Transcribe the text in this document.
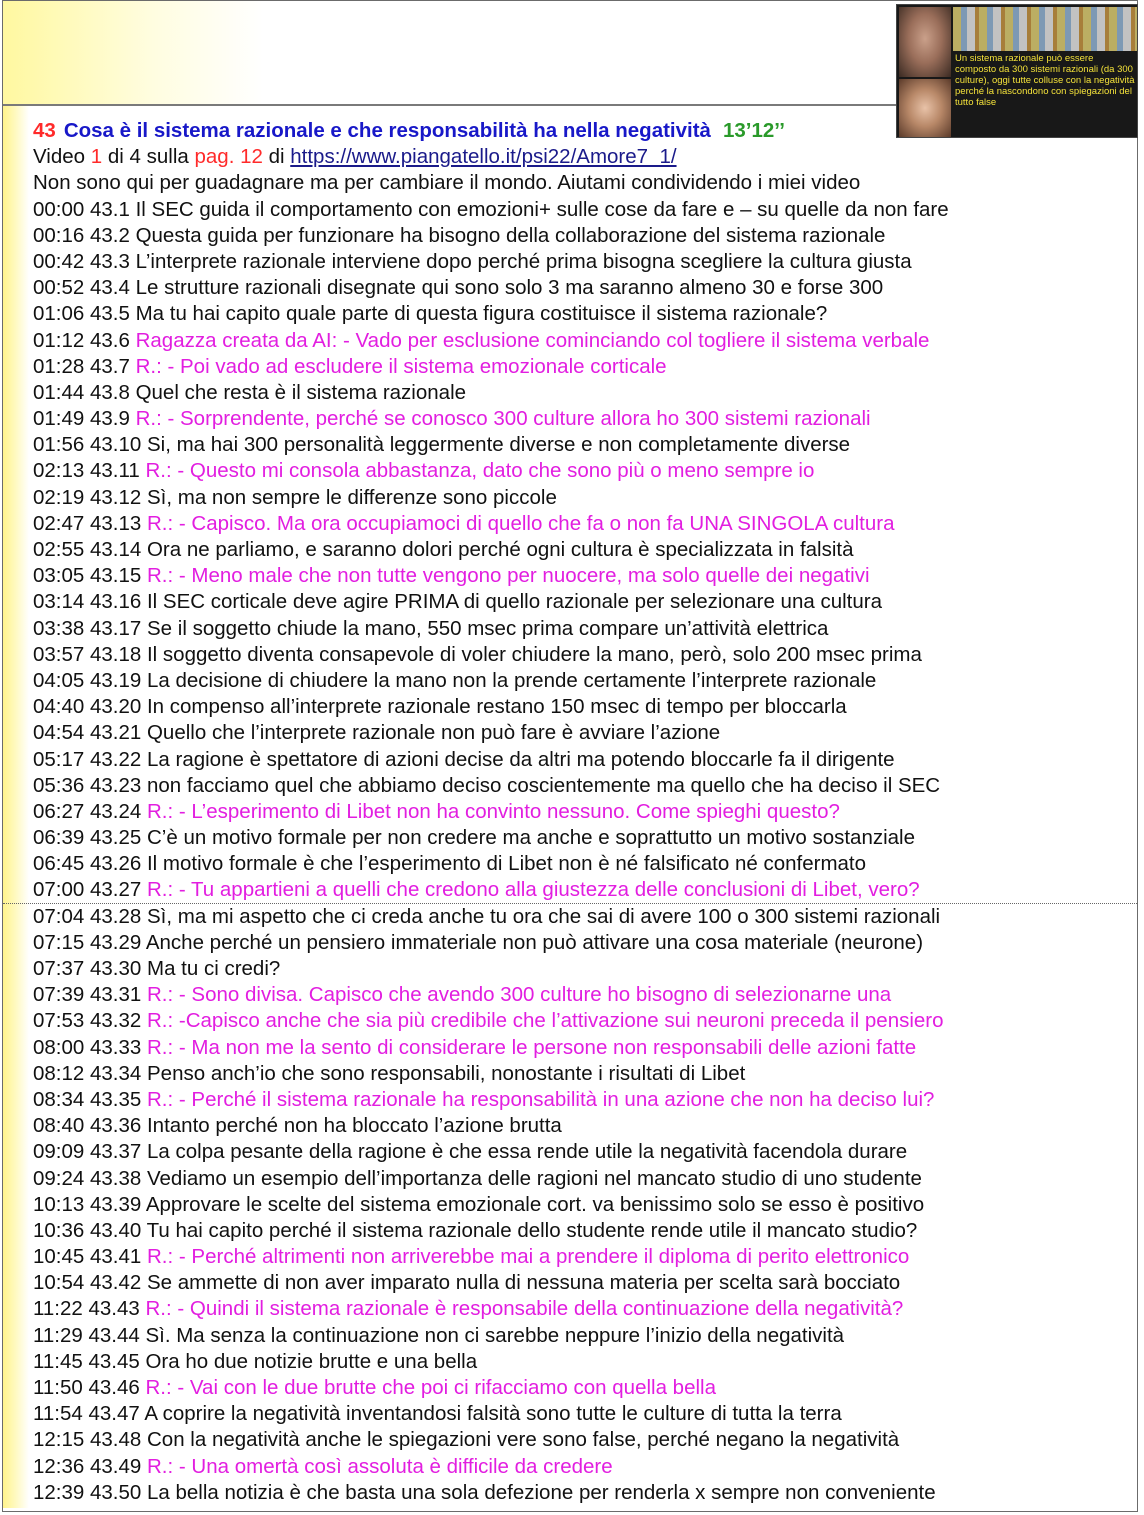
Un sistema razionale può essere composto da 300 sistemi razionali (da 300 culture), oggi tutte colluse con la negatività perché la nascondono con spiegazioni del tutto false

43 Cosa è il sistema razionale e che responsabilità ha nella negatività 13’12’’
Video 1 di 4 sulla pag. 12 di https://www.piangatello.it/psi22/Amore7_1/
Non sono qui per guadagnare ma per cambiare il mondo. Aiutami condividendo i miei video
00:00 43.1 Il SEC guida il comportamento con emozioni+ sulle cose da fare e – su quelle da non fare
00:16 43.2 Questa guida per funzionare ha bisogno della collaborazione del sistema razionale
00:42 43.3 L’interprete razionale interviene dopo perché prima bisogna scegliere la cultura giusta
00:52 43.4 Le strutture razionali disegnate qui sono solo 3 ma saranno almeno 30 e forse 300
01:06 43.5 Ma tu hai capito quale parte di questa figura costituisce il sistema razionale?
01:12 43.6 Ragazza creata da AI: - Vado per esclusione cominciando col togliere il sistema verbale
01:28 43.7 R.: - Poi vado ad escludere il sistema emozionale corticale
01:44 43.8 Quel che resta è il sistema razionale
01:49 43.9 R.: - Sorprendente, perché se conosco 300 culture allora ho 300 sistemi razionali
01:56 43.10 Si, ma hai 300 personalità leggermente diverse e non completamente diverse
02:13 43.11 R.: - Questo mi consola abbastanza, dato che sono più o meno sempre io
02:19 43.12 Sì, ma non sempre le differenze sono piccole
02:47 43.13 R.: - Capisco. Ma ora occupiamoci di quello che fa o non fa UNA SINGOLA cultura
02:55 43.14 Ora ne parliamo, e saranno dolori perché ogni cultura è specializzata in falsità
03:05 43.15 R.: - Meno male che non tutte vengono per nuocere, ma solo quelle dei negativi
03:14 43.16 Il SEC corticale deve agire PRIMA di quello razionale per selezionare una cultura
03:38 43.17 Se il soggetto chiude la mano, 550 msec prima compare un’attività elettrica
03:57 43.18 Il soggetto diventa consapevole di voler chiudere la mano, però, solo 200 msec prima
04:05 43.19 La decisione di chiudere la mano non la prende certamente l’interprete razionale
04:40 43.20 In compenso all’interprete razionale restano 150 msec di tempo per bloccarla
04:54 43.21 Quello che l’interprete razionale non può fare è avviare l’azione
05:17 43.22 La ragione è spettatore di azioni decise da altri ma potendo bloccarle fa il dirigente
05:36 43.23 non facciamo quel che abbiamo deciso coscientemente ma quello che ha deciso il SEC
06:27 43.24 R.: - L’esperimento di Libet non ha convinto nessuno. Come spieghi questo?
06:39 43.25 C’è un motivo formale per non credere ma anche e soprattutto un motivo sostanziale
06:45 43.26 Il motivo formale è che l’esperimento di Libet non è né falsificato né confermato
07:00 43.27 R.: - Tu appartieni a quelli che credono alla giustezza delle conclusioni di Libet, vero?
07:04 43.28 Sì, ma mi aspetto che ci creda anche tu ora che sai di avere 100 o 300 sistemi razionali
07:15 43.29 Anche perché un pensiero immateriale non può attivare una cosa materiale (neurone)
07:37 43.30 Ma tu ci credi?
07:39 43.31 R.: - Sono divisa. Capisco che avendo 300 culture ho bisogno di selezionarne una
07:53 43.32 R.: -Capisco anche che sia più credibile che l’attivazione sui neuroni preceda il pensiero
08:00 43.33 R.: - Ma non me la sento di considerare le persone non responsabili delle azioni fatte
08:12 43.34 Penso anch’io che sono responsabili, nonostante i risultati di Libet
08:34 43.35 R.: - Perché il sistema razionale ha responsabilità in una azione che non ha deciso lui?
08:40 43.36 Intanto perché non ha bloccato l’azione brutta
09:09 43.37 La colpa pesante della ragione è che essa rende utile la negatività facendola durare
09:24 43.38 Vediamo un esempio dell’importanza delle ragioni nel mancato studio di uno studente
10:13 43.39 Approvare le scelte del sistema emozionale cort. va benissimo solo se esso è positivo
10:36 43.40 Tu hai capito perché il sistema razionale dello studente rende utile il mancato studio?
10:45 43.41 R.: - Perché altrimenti non arriverebbe mai a prendere il diploma di perito elettronico
10:54 43.42 Se ammette di non aver imparato nulla di nessuna materia per scelta sarà bocciato
11:22 43.43 R.: - Quindi il sistema razionale è responsabile della continuazione della negatività?
11:29 43.44 Sì. Ma senza la continuazione non ci sarebbe neppure l’inizio della negatività
11:45 43.45 Ora ho due notizie brutte e una bella
11:50 43.46 R.: - Vai con le due brutte che poi ci rifacciamo con quella bella
11:54 43.47 A coprire la negatività inventandosi falsità sono tutte le culture di tutta la terra
12:15 43.48 Con la negatività anche le spiegazioni vere sono false, perché negano la negatività
12:36 43.49 R.: - Una omertà così assoluta è difficile da credere
12:39 43.50 La bella notizia è che basta una sola defezione per renderla x sempre non conveniente
